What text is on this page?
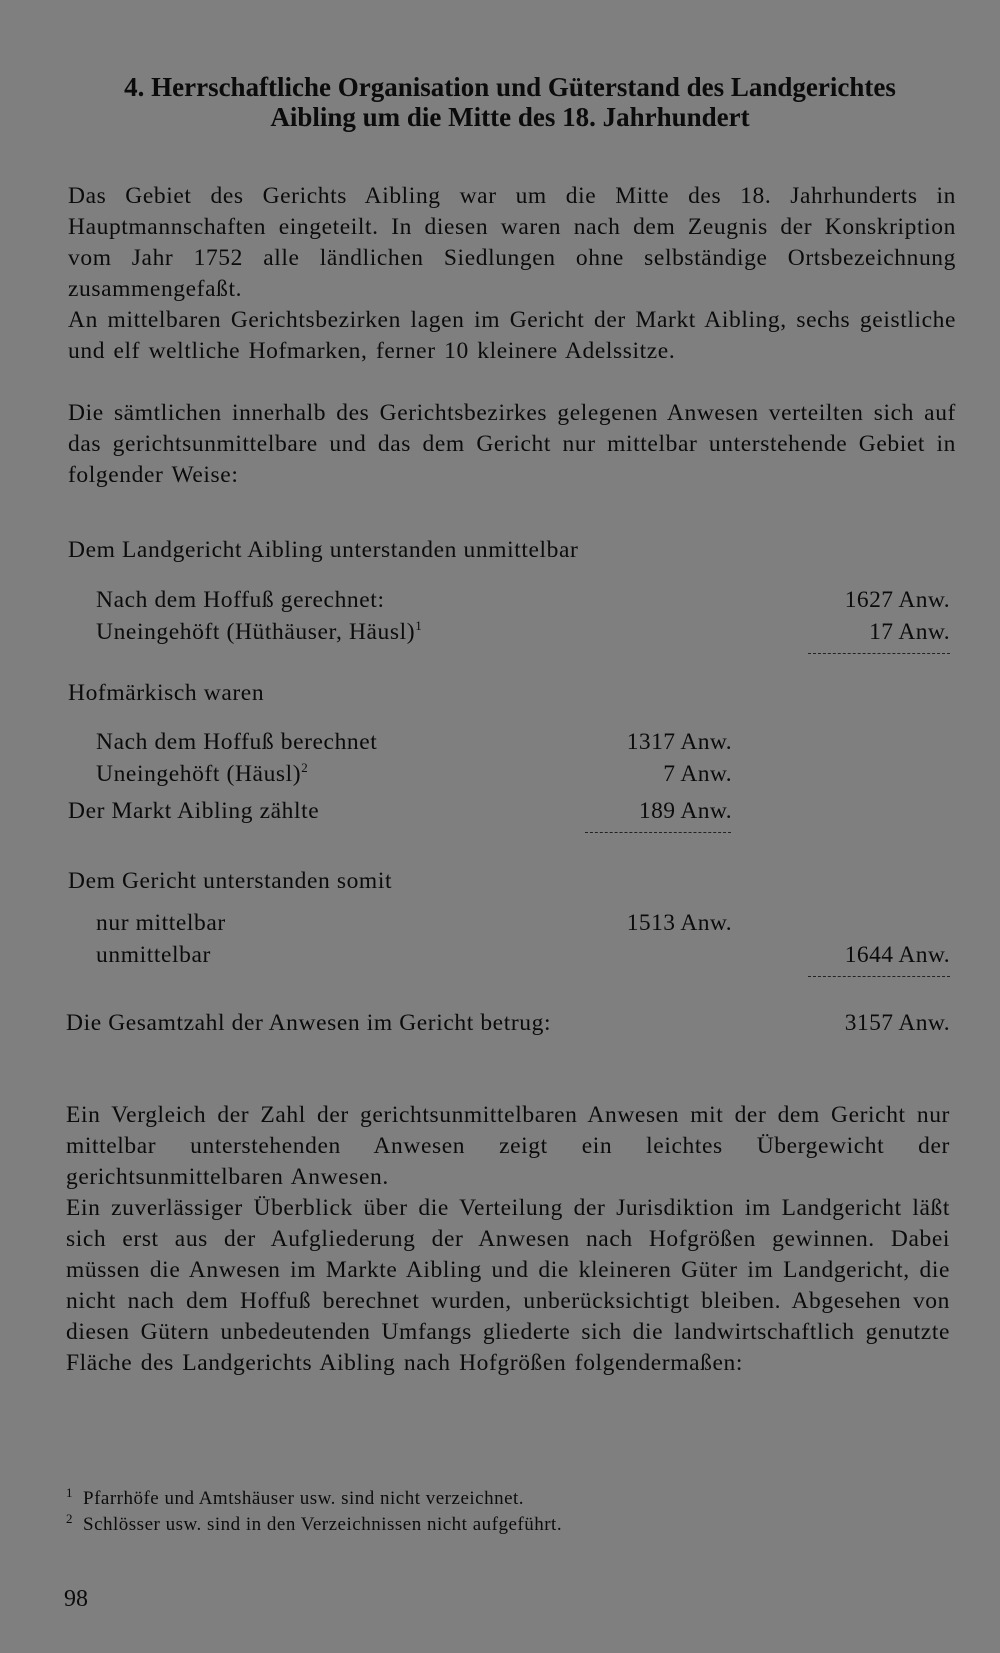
4. Herrschaftliche Organisation und Güterstand des Landgerichtes
Aibling um die Mitte des 18. Jahrhundert

Das Gebiet des Gerichts Aibling war um die Mitte des 18. Jahrhunderts in Hauptmannschaften eingeteilt. In diesen waren nach dem Zeugnis der Konskription vom Jahr 1752 alle ländlichen Siedlungen ohne selbständige Ortsbezeichnung zusammengefaßt.

An mittelbaren Gerichtsbezirken lagen im Gericht der Markt Aibling, sechs geistliche und elf weltliche Hofmarken, ferner 10 kleinere Adelssitze.

Die sämtlichen innerhalb des Gerichtsbezirkes gelegenen Anwesen verteilten sich auf das gerichtsunmittelbare und das dem Gericht nur mittelbar unterstehende Gebiet in folgender Weise:

Dem Landgericht Aibling unterstanden unmittelbar

Nach dem Hoffuß gerechnet:	1627 Anw.

Uneingehöft (Hüthäuser, Häusl)$^1$	17 Anw.

Hofmärkisch waren

Nach dem Hoffuß berechnet	1317 Anw.

Uneingehöft (Häusl)$^2$	7 Anw.

Der Markt Aibling zählte	189 Anw.

Dem Gericht unterstanden somit

nur mittelbar	1513 Anw.

unmittelbar	1644 Anw.

Die Gesamtzahl der Anwesen im Gericht betrug:	3157 Anw.

Ein Vergleich der Zahl der gerichtsunmittelbaren Anwesen mit der dem Gericht nur mittelbar unterstehenden Anwesen zeigt ein leichtes Übergewicht der gerichtsunmittelbaren Anwesen.

Ein zuverlässiger Überblick über die Verteilung der Jurisdiktion im Landgericht läßt sich erst aus der Aufgliederung der Anwesen nach Hofgrößen gewinnen. Dabei müssen die Anwesen im Markte Aibling und die kleineren Güter im Landgericht, die nicht nach dem Hoffuß berechnet wurden, unberücksichtigt bleiben. Abgesehen von diesen Gütern unbedeutenden Umfangs gliederte sich die landwirtschaftlich genutzte Fläche des Landgerichts Aibling nach Hofgrößen folgendermaßen:

$^1$ Pfarrhöfe und Amtshäuser usw. sind nicht verzeichnet.

$^2$ Schlösser usw. sind in den Verzeichnissen nicht aufgeführt.

98
